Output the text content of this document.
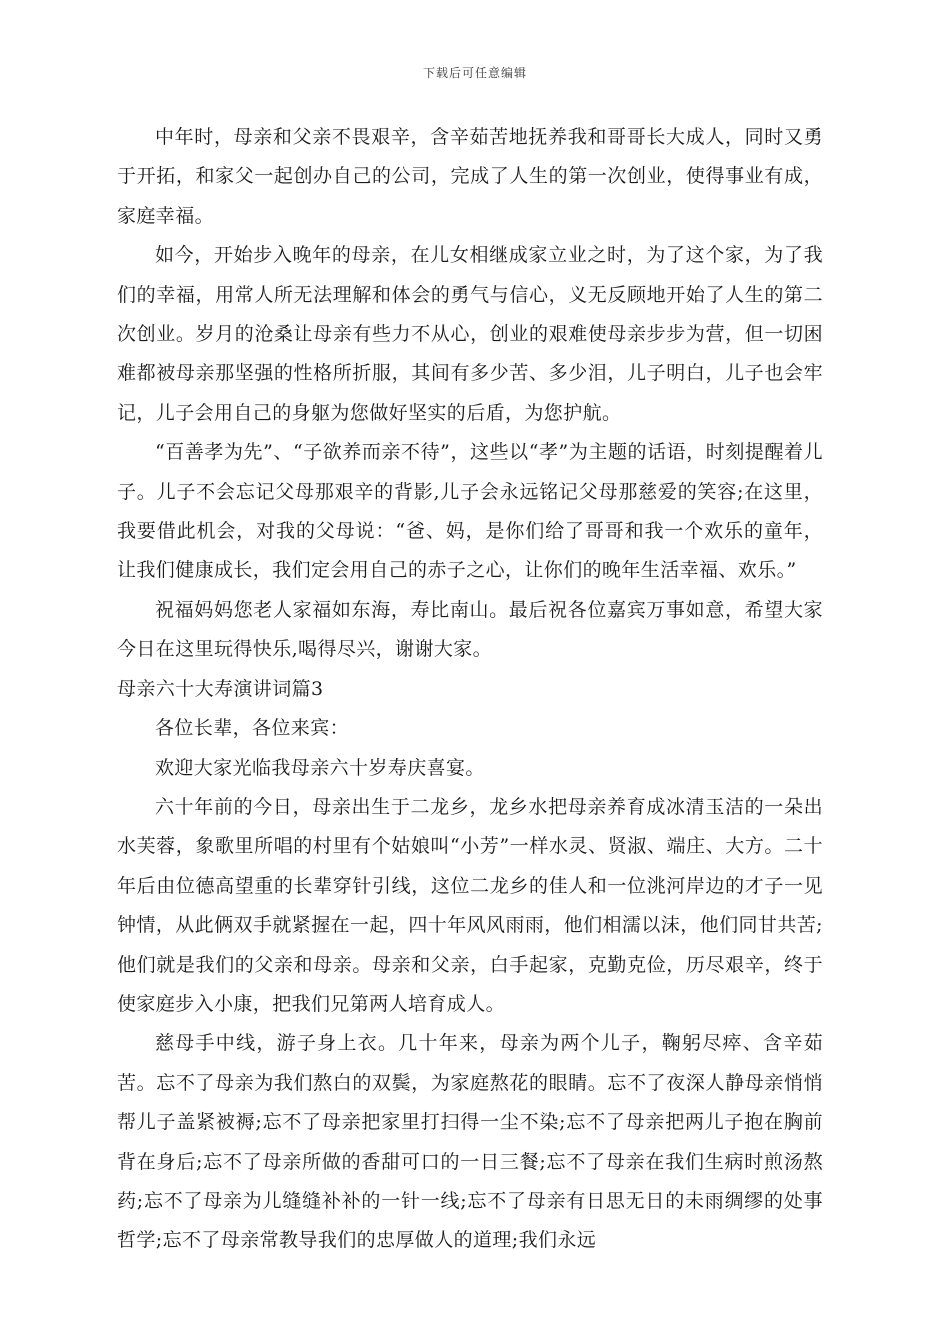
下载后可任意编辑

中年时，母亲和父亲不畏艰辛，含辛茹苦地抚养我和哥哥长大成人，同时又勇于开拓，和家父一起创办自己的公司，完成了人生的第一次创业，使得事业有成，家庭幸福。

如今，开始步入晚年的母亲，在儿女相继成家立业之时，为了这个家，为了我们的幸福，用常人所无法理解和体会的勇气与信心，义无反顾地开始了人生的第二次创业。岁月的沧桑让母亲有些力不从心，创业的艰难使母亲步步为营，但一切困难都被母亲那坚强的性格所折服，其间有多少苦、多少泪，儿子明白，儿子也会牢记，儿子会用自己的身躯为您做好坚实的后盾，为您护航。

“百善孝为先”、“子欲养而亲不待”，这些以“孝”为主题的话语，时刻提醒着儿子。儿子不会忘记父母那艰辛的背影,儿子会永远铭记父母那慈爱的笑容;在这里，我要借此机会，对我的父母说：“爸、妈，是你们给了哥哥和我一个欢乐的童年，让我们健康成长，我们定会用自己的赤子之心，让你们的晚年生活幸福、欢乐。”

祝福妈妈您老人家福如东海，寿比南山。最后祝各位嘉宾万事如意，希望大家今日在这里玩得快乐,喝得尽兴，谢谢大家。

母亲六十大寿演讲词篇3

各位长辈，各位来宾：

欢迎大家光临我母亲六十岁寿庆喜宴。

六十年前的今日，母亲出生于二龙乡，龙乡水把母亲养育成冰清玉洁的一朵出水芙蓉，象歌里所唱的村里有个姑娘叫“小芳”一样水灵、贤淑、端庄、大方。二十年后由位德高望重的长辈穿针引线，这位二龙乡的佳人和一位洮河岸边的才子一见钟情，从此俩双手就紧握在一起，四十年风风雨雨，他们相濡以沫，他们同甘共苦;他们就是我们的父亲和母亲。母亲和父亲，白手起家，克勤克俭，历尽艰辛，终于使家庭步入小康，把我们兄第两人培育成人。

慈母手中线，游子身上衣。几十年来，母亲为两个儿子，鞠躬尽瘁、含辛茹苦。忘不了母亲为我们熬白的双鬓，为家庭熬花的眼睛。忘不了夜深人静母亲悄悄帮儿子盖紧被褥;忘不了母亲把家里打扫得一尘不染;忘不了母亲把两儿子抱在胸前背在身后;忘不了母亲所做的香甜可口的一日三餐;忘不了母亲在我们生病时煎汤熬药;忘不了母亲为儿缝缝补补的一针一线;忘不了母亲有日思无日的未雨绸缪的处事哲学;忘不了母亲常教导我们的忠厚做人的道理;我们永远
